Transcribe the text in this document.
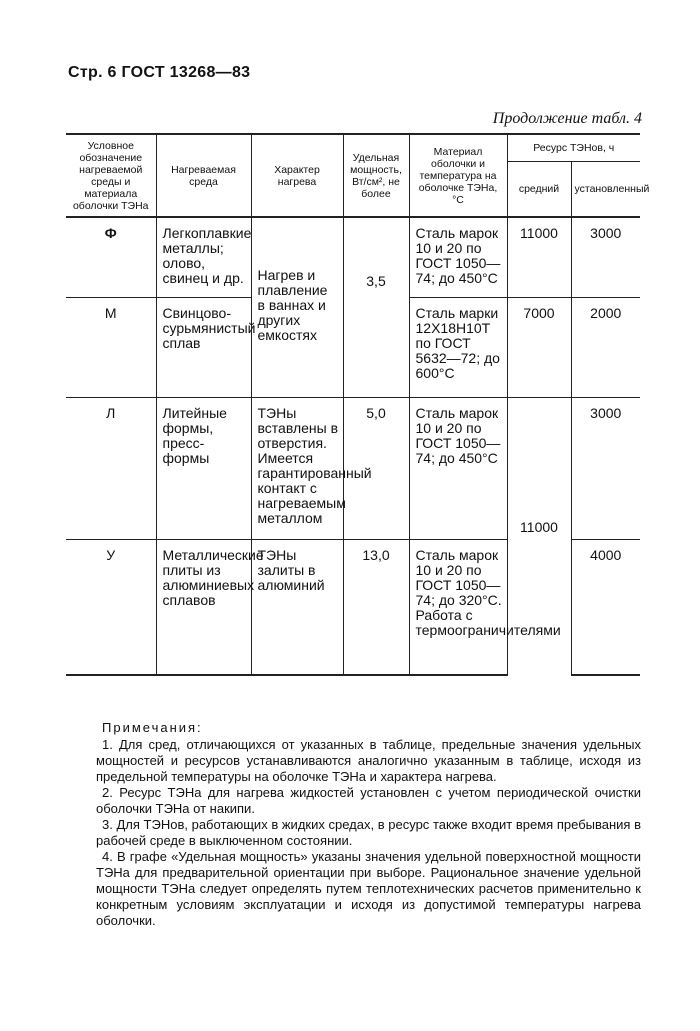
Стр. 6 ГОСТ 13268—83
Продолжение табл. 4
Условное обозначение нагреваемой среды и материала оболочки ТЭНа	Нагреваемая среда	Характер нагрева	Удельная мощность, Вт/см², не более	Материал оболочки и температура на оболочке ТЭНа, °С	Ресурс ТЭНов, ч	
					средний	установленный
Ф	Легкоплавкие металлы; олово, свинец и др.	Нагрев и плавление в ваннах и других емкостях	3,5	Сталь марок 10 и 20 по ГОСТ 1050—74; до 450°С	11000	3000
М	Свинцово-сурьмянистый сплав			Сталь марки 12Х18Н10Т по ГОСТ 5632—72; до 600°С	7000	2000
Л	Литейные формы, пресс-формы	ТЭНы вставлены в отверстия. Имеется гарантированный контакт с нагреваемым металлом	5,0	Сталь марок 10 и 20 по ГОСТ 1050—74; до 450°С	11000	3000
У	Металлические плиты из алюминиевых сплавов	ТЭНы залиты в алюминий	13,0	Сталь марок 10 и 20 по ГОСТ 1050—74; до 320°С. Работа с термоограничителями		4000
Примечания:
1. Для сред, отличающихся от указанных в таблице, предельные значения удельных мощностей и ресурсов устанавливаются аналогично указанным в таблице, исходя из предельной температуры на оболочке ТЭНа и характера нагрева.
2. Ресурс ТЭНа для нагрева жидкостей установлен с учетом периодической очистки оболочки ТЭНа от накипи.
3. Для ТЭНов, работающих в жидких средах, в ресурс также входит время пребывания в рабочей среде в выключенном состоянии.
4. В графе «Удельная мощность» указаны значения удельной поверхностной мощности ТЭНа для предварительной ориентации при выборе. Рациональное значение удельной мощности ТЭНа следует определять путем теплотехнических расчетов применительно к конкретным условиям эксплуатации и исходя из допустимой температуры нагрева оболочки.
